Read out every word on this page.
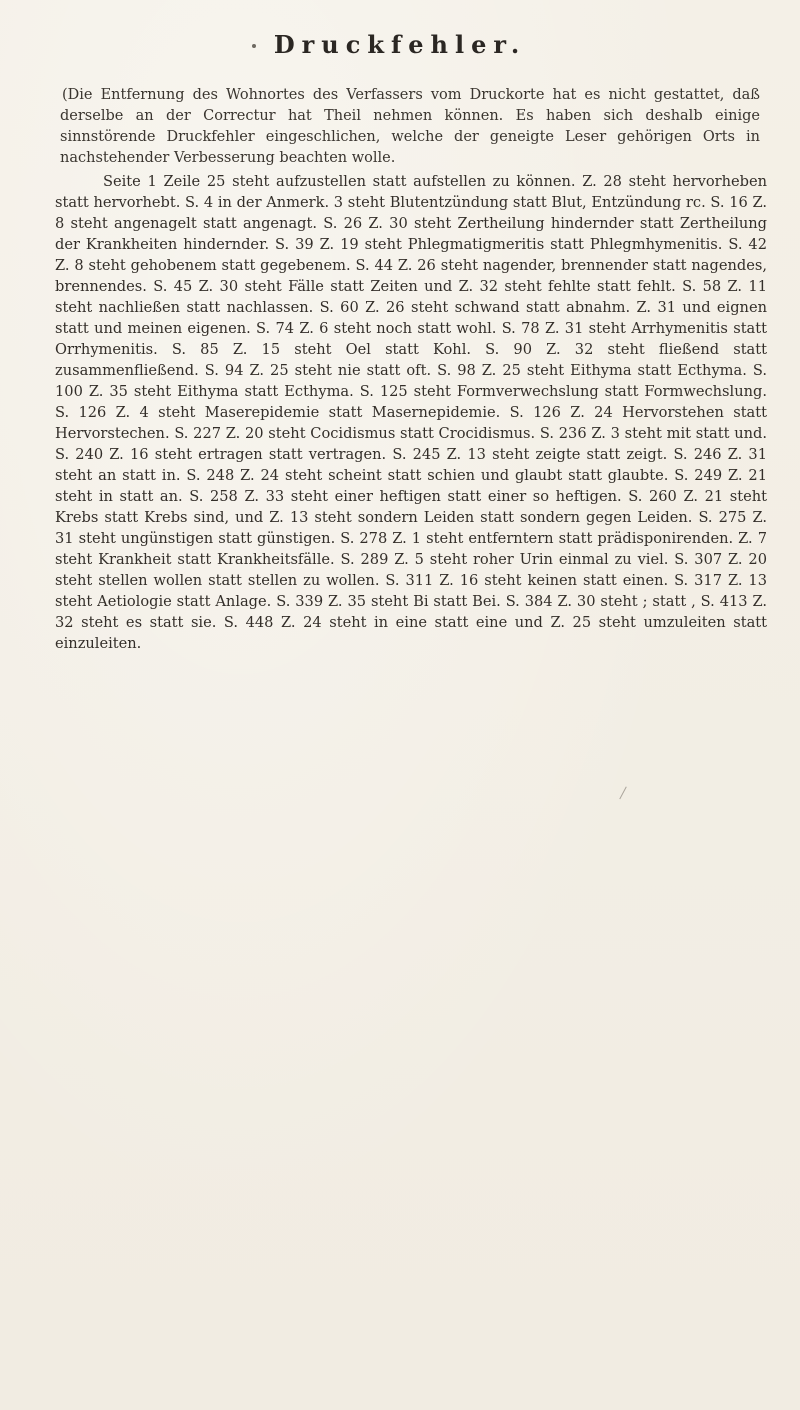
Druckfehler.

(Die Entfernung des Wohnortes des Verfassers vom Druckorte hat es nicht gestattet, daß derselbe an der Correctur hat Theil nehmen können. Es haben sich deshalb einige sinnstörende Druckfehler eingeschlichen, welche der geneigte Leser gehörigen Orts in nachstehender Verbesserung beachten wolle.

Seite 1 Zeile 25 steht aufzustellen statt aufstellen zu können. Z. 28 steht hervorheben statt hervorhebt. S. 4 in der Anmerk. 3 steht Blutentzündung statt Blut, Entzündung rc. S. 16 Z. 8 steht angenagelt statt angenagt. S. 26 Z. 30 steht Zertheilung hindernder statt Zertheilung der Krankheiten hindernder. S. 39 Z. 19 steht Phlegmatigmeritis statt Phlegmhymenitis. S. 42 Z. 8 steht gehobenem statt gegebenem. S. 44 Z. 26 steht nagender, brennender statt nagendes, brennendes. S. 45 Z. 30 steht Fälle statt Zeiten und Z. 32 steht fehlte statt fehlt. S. 58 Z. 11 steht nachließen statt nachlassen. S. 60 Z. 26 steht schwand statt abnahm. Z. 31 und eignen statt und meinen eigenen. S. 74 Z. 6 steht noch statt wohl. S. 78 Z. 31 steht Arrhymenitis statt Orrhymenitis. S. 85 Z. 15 steht Oel statt Kohl. S. 90 Z. 32 steht fließend statt zusammenfließend. S. 94 Z. 25 steht nie statt oft. S. 98 Z. 25 steht Eithyma statt Ecthyma. S. 100 Z. 35 steht Eithyma statt Ecthyma. S. 125 steht Formverwechslung statt Formwechslung. S. 126 Z. 4 steht Maserepidemie statt Masernepidemie. S. 126 Z. 24 Hervorstehen statt Hervorstechen. S. 227 Z. 20 steht Cocidismus statt Crocidismus. S. 236 Z. 3 steht mit statt und. S. 240 Z. 16 steht ertragen statt vertragen. S. 245 Z. 13 steht zeigte statt zeigt. S. 246 Z. 31 steht an statt in. S. 248 Z. 24 steht scheint statt schien und glaubt statt glaubte. S. 249 Z. 21 steht in statt an. S. 258 Z. 33 steht einer heftigen statt einer so heftigen. S. 260 Z. 21 steht Krebs statt Krebs sind, und Z. 13 steht sondern Leiden statt sondern gegen Leiden. S. 275 Z. 31 steht ungünstigen statt günstigen. S. 278 Z. 1 steht entferntern statt prädisponirenden. Z. 7 steht Krankheit statt Krankheitsfälle. S. 289 Z. 5 steht roher Urin einmal zu viel. S. 307 Z. 20 steht stellen wollen statt stellen zu wollen. S. 311 Z. 16 steht keinen statt einen. S. 317 Z. 13 steht Aetiologie statt Anlage. S. 339 Z. 35 steht Bi statt Bei. S. 384 Z. 30 steht ; statt , S. 413 Z. 32 steht es statt sie. S. 448 Z. 24 steht in eine statt eine und Z. 25 steht umzuleiten statt einzuleiten.
